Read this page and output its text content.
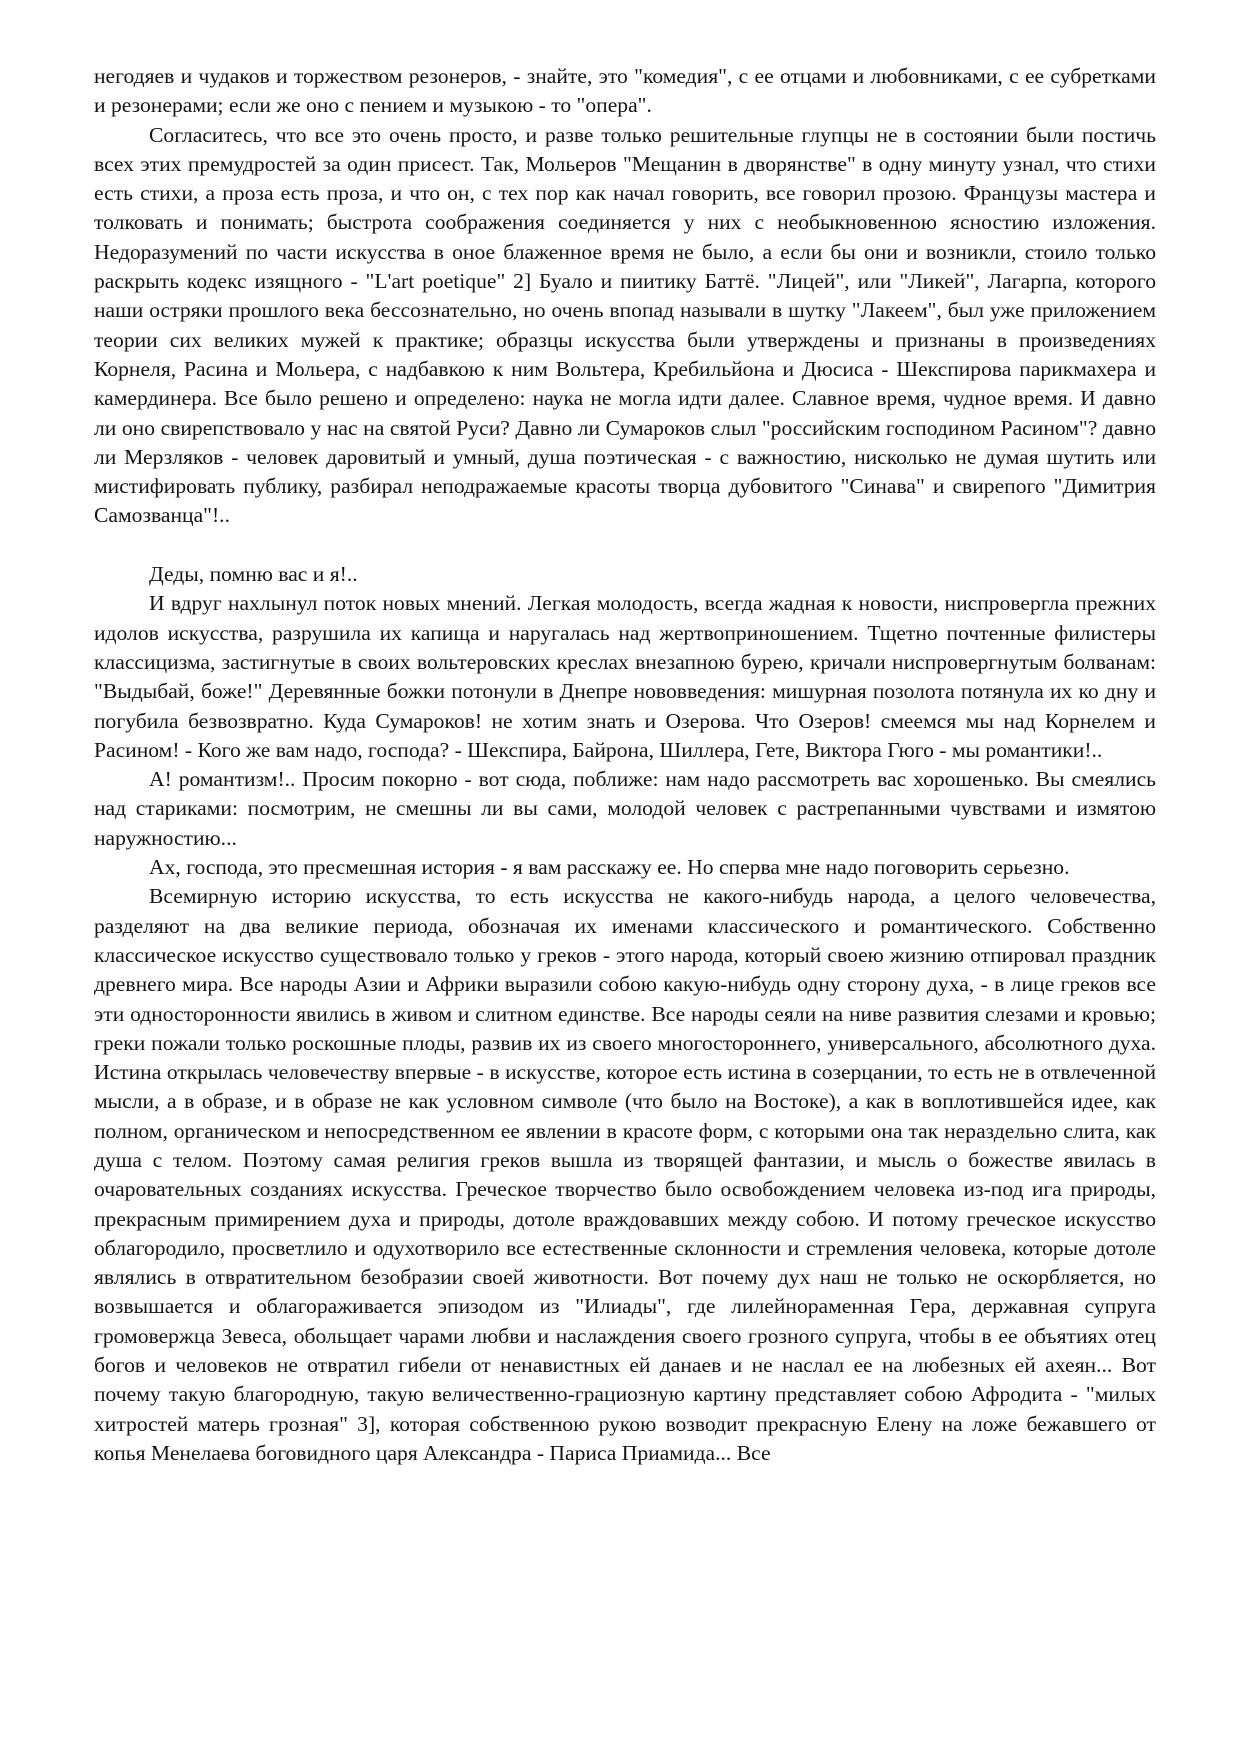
негодяев и чудаков и торжеством резонеров, - знайте, это "комедия", с ее отцами и любовниками, с ее субретками и резонерами; если же оно с пением и музыкою - то "опера".

Согласитесь, что все это очень просто, и разве только решительные глупцы не в состоянии были постичь всех этих премудростей за один присест. Так, Мольеров "Мещанин в дворянстве" в одну минуту узнал, что стихи есть стихи, а проза есть проза, и что он, с тех пор как начал говорить, все говорил прозою. Французы мастера и толковать и понимать; быстрота соображения соединяется у них с необыкновенною ясностию изложения. Недоразумений по части искусства в оное блаженное время не было, а если бы они и возникли, стоило только раскрыть кодекс изящного - "L'art poetique" 2] Буало и пиитику Баттё. "Лицей", или "Ликей", Лагарпа, которого наши остряки прошлого века бессознательно, но очень впопад называли в шутку "Лакеем", был уже приложением теории сих великих мужей к практике; образцы искусства были утверждены и признаны в произведениях Корнеля, Расина и Мольера, с надбавкою к ним Вольтера, Кребильйона и Дюсиса - Шекспирова парикмахера и камердинера. Все было решено и определено: наука не могла идти далее. Славное время, чудное время. И давно ли оно свирепствовало у нас на святой Руси? Давно ли Сумароков слыл "российским господином Расином"? давно ли Мерзляков - человек даровитый и умный, душа поэтическая - с важностию, нисколько не думая шутить или мистифировать публику, разбирал неподражаемые красоты творца дубовитого "Синава" и свирепого "Димитрия Самозванца"!..

Деды, помню вас и я!..

И вдруг нахлынул поток новых мнений. Легкая молодость, всегда жадная к новости, ниспровергла прежних идолов искусства, разрушила их капища и наругалась над жертвоприношением. Тщетно почтенные филистеры классицизма, застигнутые в своих вольтеровских креслах внезапною бурею, кричали ниспровергнутым болванам: "Выдыбай, боже!" Деревянные божки потонули в Днепре нововведения: мишурная позолота потянула их ко дну и погубила безвозвратно. Куда Сумароков! не хотим знать и Озерова. Что Озеров! смеемся мы над Корнелем и Расином! - Кого же вам надо, господа? - Шекспира, Байрона, Шиллера, Гете, Виктора Гюго - мы романтики!..

А! романтизм!.. Просим покорно - вот сюда, поближе: нам надо рассмотреть вас хорошенько. Вы смеялись над стариками: посмотрим, не смешны ли вы сами, молодой человек с растрепанными чувствами и измятою наружностию...

Ах, господа, это пресмешная история - я вам расскажу ее. Но сперва мне надо поговорить серьезно.

Всемирную историю искусства, то есть искусства не какого-нибудь народа, а целого человечества, разделяют на два великие периода, обозначая их именами классического и романтического. Собственно классическое искусство существовало только у греков - этого народа, который своею жизнию отпировал праздник древнего мира. Все народы Азии и Африки выразили собою какую-нибудь одну сторону духа, - в лице греков все эти односторонности явились в живом и слитном единстве. Все народы сеяли на ниве развития слезами и кровью; греки пожали только роскошные плоды, развив их из своего многостороннего, универсального, абсолютного духа. Истина открылась человечеству впервые - в искусстве, которое есть истина в созерцании, то есть не в отвлеченной мысли, а в образе, и в образе не как условном символе (что было на Востоке), а как в воплотившейся идее, как полном, органическом и непосредственном ее явлении в красоте форм, с которыми она так нераздельно слита, как душа с телом. Поэтому самая религия греков вышла из творящей фантазии, и мысль о божестве явилась в очаровательных созданиях искусства. Греческое творчество было освобождением человека из-под ига природы, прекрасным примирением духа и природы, дотоле враждовавших между собою. И потому греческое искусство облагородило, просветлило и одухотворило все естественные склонности и стремления человека, которые дотоле являлись в отвратительном безобразии своей животности. Вот почему дух наш не только не оскорбляется, но возвышается и облагораживается эпизодом из "Илиады", где лилейнораменная Гера, державная супруга громовержца Зевеса, обольщает чарами любви и наслаждения своего грозного супруга, чтобы в ее объятиях отец богов и человеков не отвратил гибели от ненавистных ей данаев и не наслал ее на любезных ей ахеян... Вот почему такую благородную, такую величественно-грациозную картину представляет собою Афродита - "милых хитростей матерь грозная" 3], которая собственною рукою возводит прекрасную Елену на ложе бежавшего от копья Менелаева боговидного царя Александра - Париса Приамида... Все
